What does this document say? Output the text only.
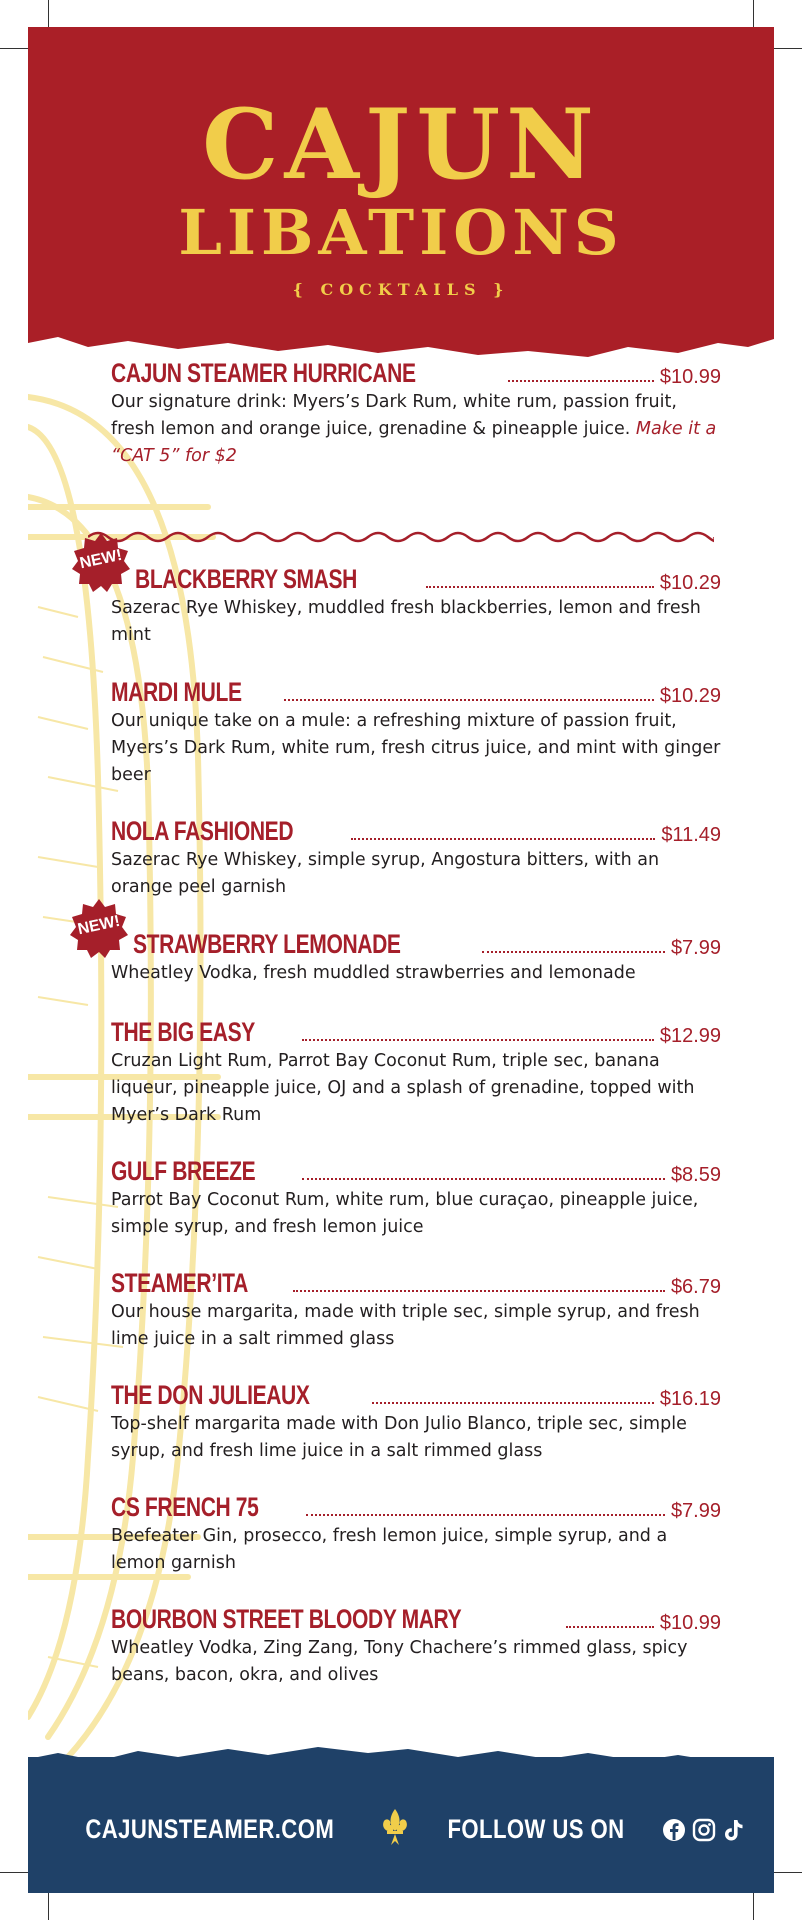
CAJUN
LIBATIONS
{ COCKTAILS }
NEW!
NEW!
CAJUN STEAMER HURRICANE	$10.99
Our signature drink: Myers’s Dark Rum, white rum, passion fruit, fresh lemon and orange juice, grenadine & pineapple juice. Make it a “CAT 5” for $2
BLACKBERRY SMASH	$10.29
Sazerac Rye Whiskey, muddled fresh blackberries, lemon and fresh mint
MARDI MULE	$10.29
Our unique take on a mule: a refreshing mixture of passion fruit, Myers’s Dark Rum, white rum, fresh citrus juice, and mint with ginger beer
NOLA FASHIONED	$11.49
Sazerac Rye Whiskey, simple syrup, Angostura bitters, with an orange peel garnish
STRAWBERRY LEMONADE	$7.99
Wheatley Vodka, fresh muddled strawberries and lemonade
THE BIG EASY	$12.99
Cruzan Light Rum, Parrot Bay Coconut Rum, triple sec, banana liqueur, pineapple juice, OJ and a splash of grenadine, topped with Myer’s Dark Rum
GULF BREEZE	$8.59
Parrot Bay Coconut Rum, white rum, blue curaçao, pineapple juice, simple syrup, and fresh lemon juice
STEAMER’ITA	$6.79
Our house margarita, made with triple sec, simple syrup, and fresh lime juice in a salt rimmed glass
THE DON JULIEAUX	$16.19
Top-shelf margarita made with Don Julio Blanco, triple sec, simple syrup, and fresh lime juice in a salt rimmed glass
CS FRENCH 75	$7.99
Beefeater Gin, prosecco, fresh lemon juice, simple syrup, and a lemon garnish
BOURBON STREET BLOODY MARY	$10.99
Wheatley Vodka, Zing Zang, Tony Chachere’s rimmed glass, spicy beans, bacon, okra, and olives
CAJUNSTEAMER.COM	FOLLOW US ON
